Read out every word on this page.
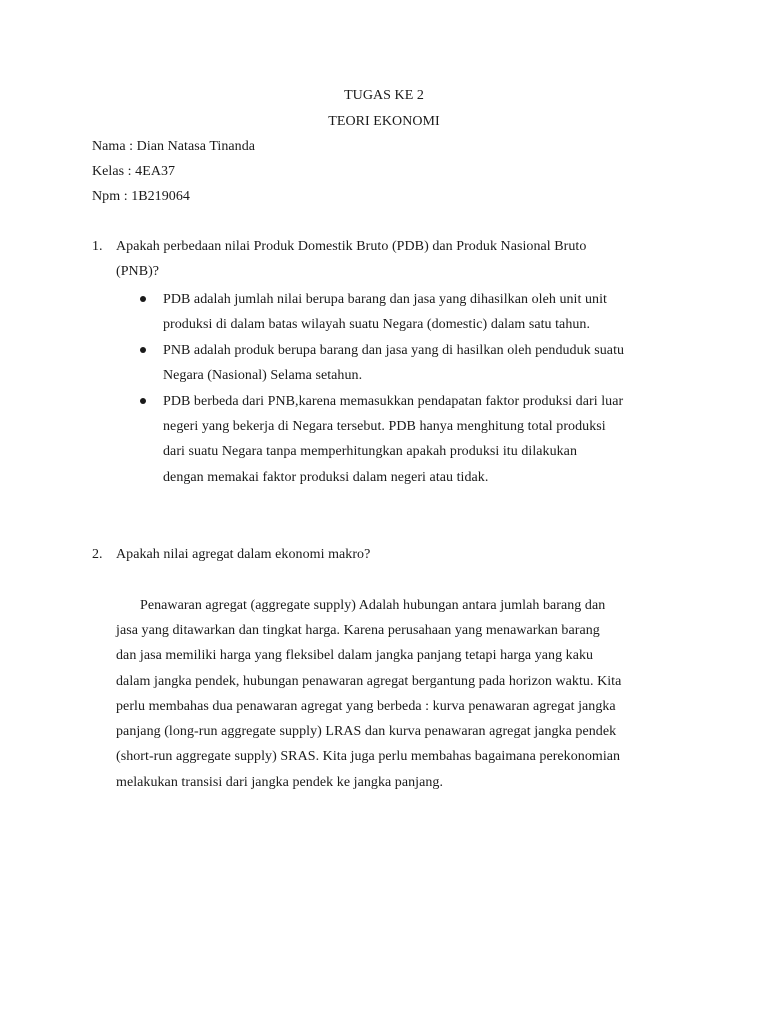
TUGAS KE 2
TEORI EKONOMI
Nama : Dian Natasa Tinanda
Kelas : 4EA37
Npm : 1B219064
1. Apakah perbedaan nilai Produk Domestik Bruto (PDB) dan Produk Nasional Bruto
(PNB)?
PDB adalah jumlah nilai berupa barang dan jasa yang dihasilkan oleh unit unit
produksi di dalam batas wilayah suatu Negara (domestic) dalam satu tahun.
PNB adalah produk berupa barang dan jasa yang di hasilkan oleh penduduk suatu
Negara (Nasional) Selama setahun.
PDB berbeda dari PNB,karena memasukkan pendapatan faktor produksi dari luar
negeri yang bekerja di Negara tersebut. PDB hanya menghitung total produksi
dari suatu Negara tanpa memperhitungkan apakah produksi itu dilakukan
dengan memakai faktor produksi dalam negeri atau tidak.
2. Apakah nilai agregat dalam ekonomi makro?
Penawaran agregat (aggregate supply) Adalah hubungan antara jumlah barang dan
jasa yang ditawarkan dan tingkat harga. Karena perusahaan yang menawarkan barang
dan jasa memiliki harga yang fleksibel dalam jangka panjang tetapi harga yang kaku
dalam jangka pendek, hubungan penawaran agregat bergantung pada horizon waktu. Kita
perlu membahas dua penawaran agregat yang berbeda : kurva penawaran agregat jangka
panjang (long-run aggregate supply) LRAS dan kurva penawaran agregat jangka pendek
(short-run aggregate supply) SRAS. Kita juga perlu membahas bagaimana perekonomian
melakukan transisi dari jangka pendek ke jangka panjang.
